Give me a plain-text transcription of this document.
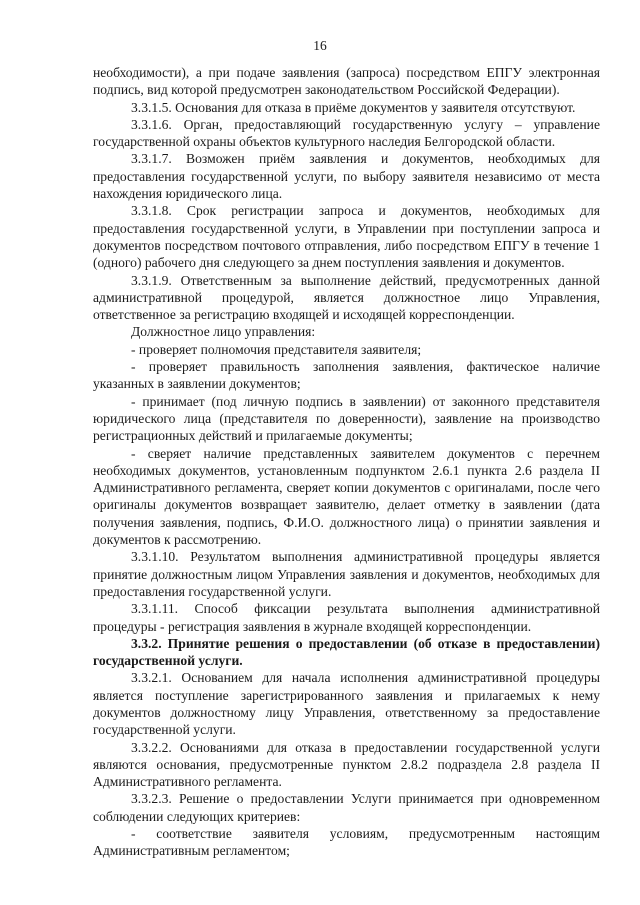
16

необходимости), а при подаче заявления (запроса) посредством ЕПГУ электронная подпись, вид которой предусмотрен законодательством Российской Федерации).

3.3.1.5. Основания для отказа в приёме документов у заявителя отсутствуют.

3.3.1.6. Орган, предоставляющий государственную услугу – управление государственной охраны объектов культурного наследия Белгородской области.

3.3.1.7. Возможен приём заявления и документов, необходимых для предоставления государственной услуги, по выбору заявителя независимо от места нахождения юридического лица.

3.3.1.8. Срок регистрации запроса и документов, необходимых для предоставления государственной услуги, в Управлении при поступлении запроса и документов посредством почтового отправления, либо посредством ЕПГУ в течение 1 (одного) рабочего дня следующего за днем поступления заявления и документов.

3.3.1.9. Ответственным за выполнение действий, предусмотренных данной административной процедурой, является должностное лицо Управления, ответственное за регистрацию входящей и исходящей корреспонденции.

Должностное лицо управления:

- проверяет полномочия представителя заявителя;

- проверяет правильность заполнения заявления, фактическое наличие указанных в заявлении документов;

- принимает (под личную подпись в заявлении) от законного представителя юридического лица (представителя по доверенности), заявление на производство регистрационных действий и прилагаемые документы;

- сверяет наличие представленных заявителем документов с перечнем необходимых документов, установленным подпунктом 2.6.1 пункта 2.6 раздела II Административного регламента, сверяет копии документов с оригиналами, после чего оригиналы документов возвращает заявителю, делает отметку в заявлении (дата получения заявления, подпись, Ф.И.О. должностного лица) о принятии заявления и документов к рассмотрению.

3.3.1.10. Результатом выполнения административной процедуры является принятие должностным лицом Управления заявления и документов, необходимых для предоставления государственной услуги.

3.3.1.11. Способ фиксации результата выполнения административной процедуры - регистрация заявления в журнале входящей корреспонденции.

3.3.2. Принятие решения о предоставлении (об отказе в предоставлении) государственной услуги.

3.3.2.1. Основанием для начала исполнения административной процедуры является поступление зарегистрированного заявления и прилагаемых к нему документов должностному лицу Управления, ответственному за предоставление государственной услуги.

3.3.2.2. Основаниями для отказа в предоставлении государственной услуги являются основания, предусмотренные пунктом 2.8.2 подраздела 2.8 раздела II Административного регламента.

3.3.2.3. Решение о предоставлении Услуги принимается при одновременном соблюдении следующих критериев:

- соответствие заявителя условиям, предусмотренным настоящим Административным регламентом;
